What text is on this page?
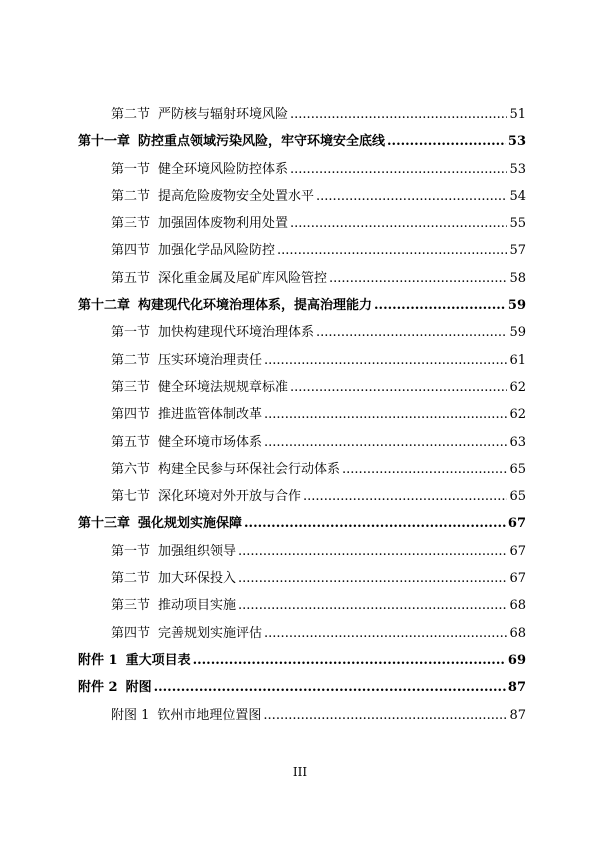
第二节 严防核与辐射环境风险 .....	51
第十一章 防控重点领域污染风险，牢守环境安全底线 .....	53
第一节 健全环境风险防控体系 .....	53
第二节 提高危险废物安全处置水平 .....	54
第三节 加强固体废物利用处置 .....	55
第四节 加强化学品风险防控 .....	57
第五节 深化重金属及尾矿库风险管控 .....	58
第十二章 构建现代化环境治理体系，提高治理能力 .....	59
第一节 加快构建现代环境治理体系 .....	59
第二节 压实环境治理责任 .....	61
第三节 健全环境法规规章标准 .....	62
第四节 推进监管体制改革 .....	62
第五节 健全环境市场体系 .....	63
第六节 构建全民参与环保社会行动体系 .....	65
第七节 深化环境对外开放与合作 .....	65
第十三章 强化规划实施保障 .....	67
第一节 加强组织领导 .....	67
第二节 加大环保投入 .....	67
第三节 推动项目实施 .....	68
第四节 完善规划实施评估 .....	68
附件 1 重大项目表 .....	69
附件 2 附图 .....	87
附图 1 钦州市地理位置图 .....	87
III
